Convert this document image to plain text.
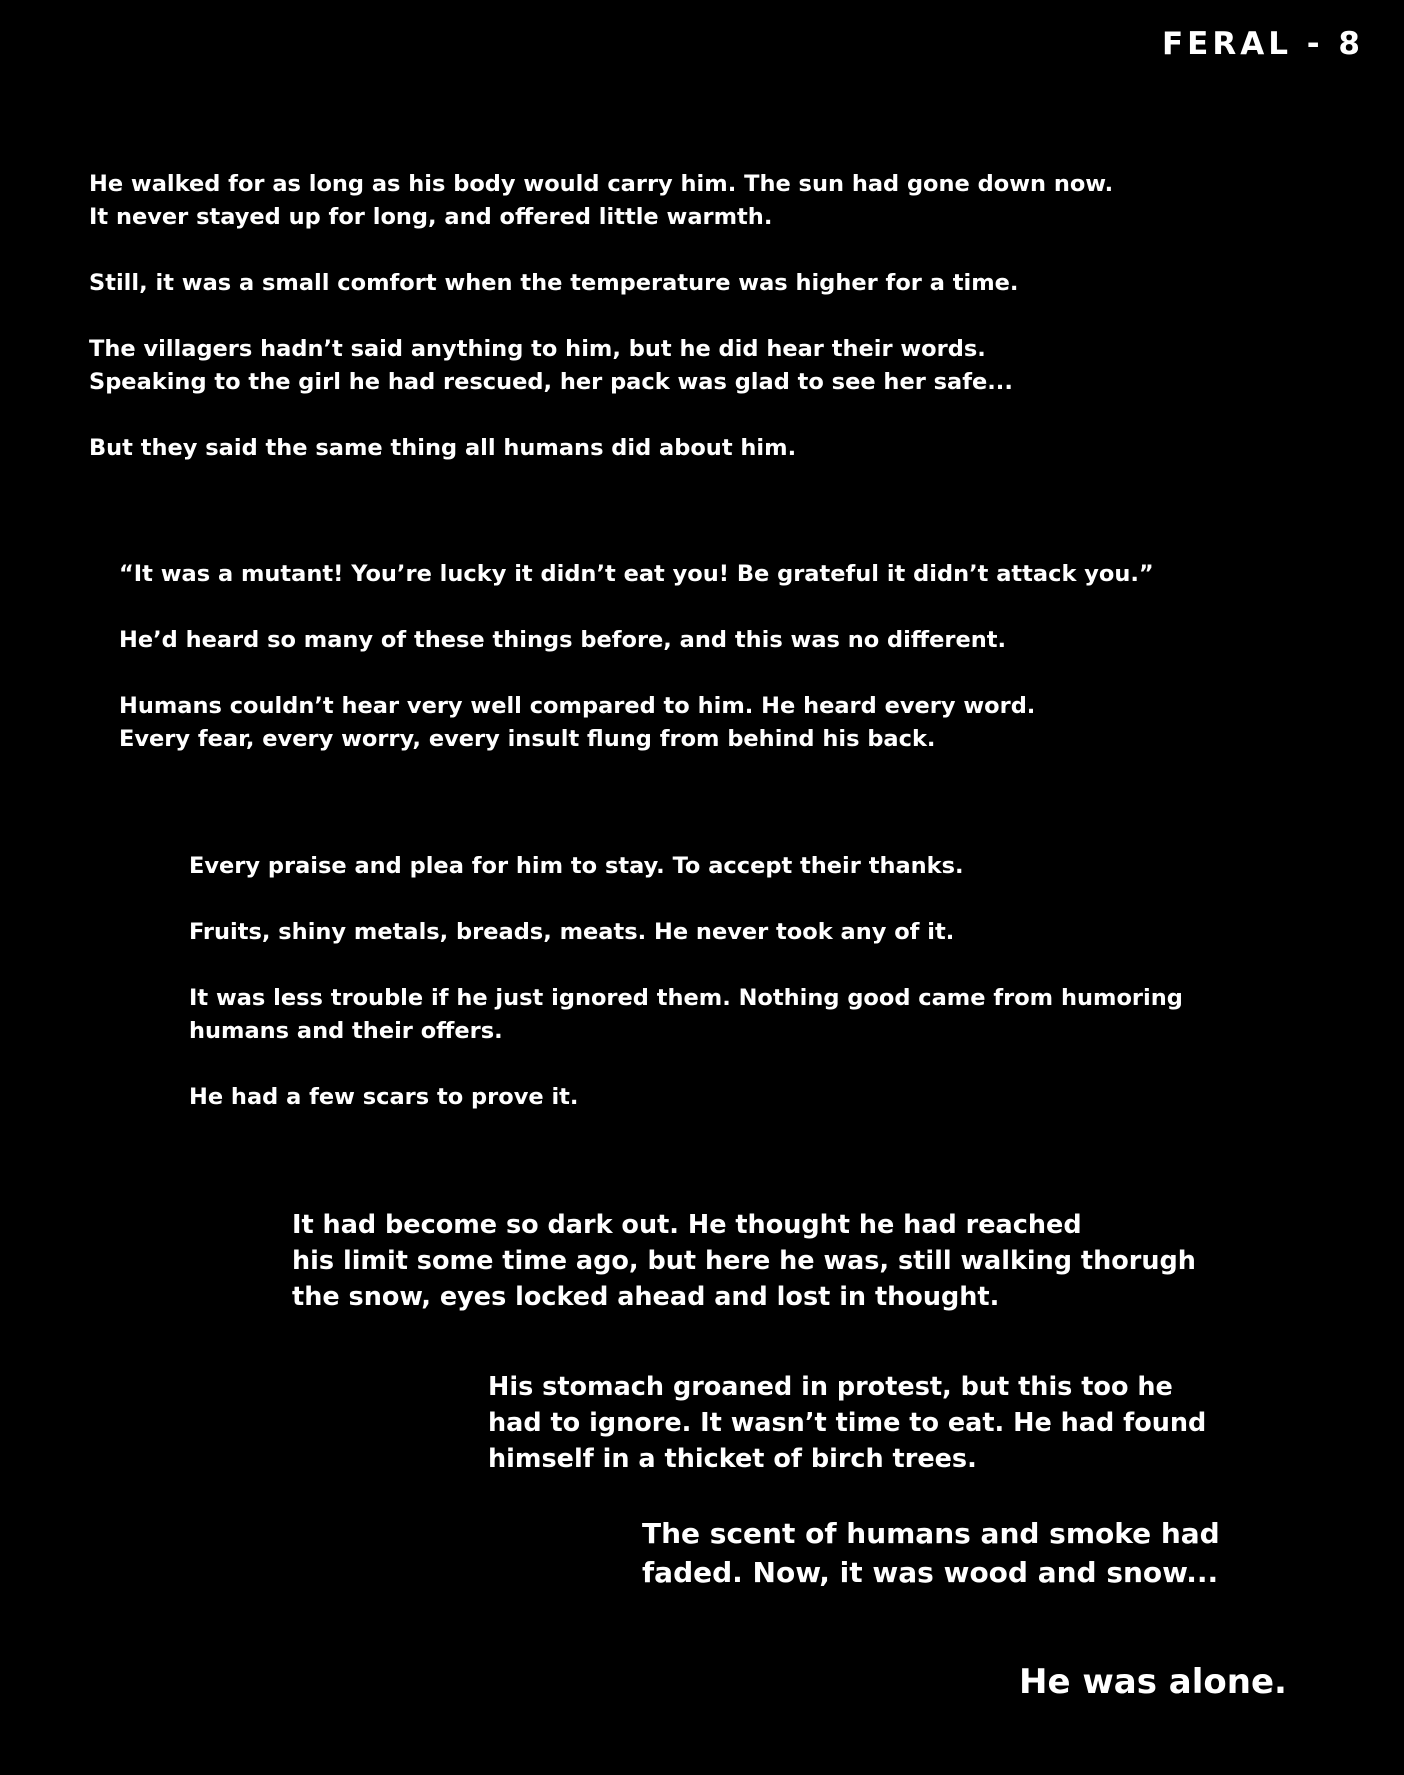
FERAL - 8

He walked for as long as his body would carry him. The sun had gone down now.
It never stayed up for long, and offered little warmth.

Still, it was a small comfort when the temperature was higher for a time.

The villagers hadn’t said anything to him, but he did hear their words.
Speaking to the girl he had rescued, her pack was glad to see her safe...

But they said the same thing all humans did about him.

“It was a mutant! You’re lucky it didn’t eat you! Be grateful it didn’t attack you.”

He’d heard so many of these things before, and this was no different.

Humans couldn’t hear very well compared to him. He heard every word.
Every fear, every worry, every insult flung from behind his back.

Every praise and plea for him to stay. To accept their thanks.

Fruits, shiny metals, breads, meats. He never took any of it.

It was less trouble if he just ignored them. Nothing good came from humoring
humans and their offers.

He had a few scars to prove it.

It had become so dark out. He thought he had reached
his limit some time ago, but here he was, still walking thorugh
the snow, eyes locked ahead and lost in thought.

His stomach groaned in protest, but this too he
had to ignore. It wasn’t time to eat. He had found
himself in a thicket of birch trees.

The scent of humans and smoke had
faded. Now, it was wood and snow...

He was alone.
